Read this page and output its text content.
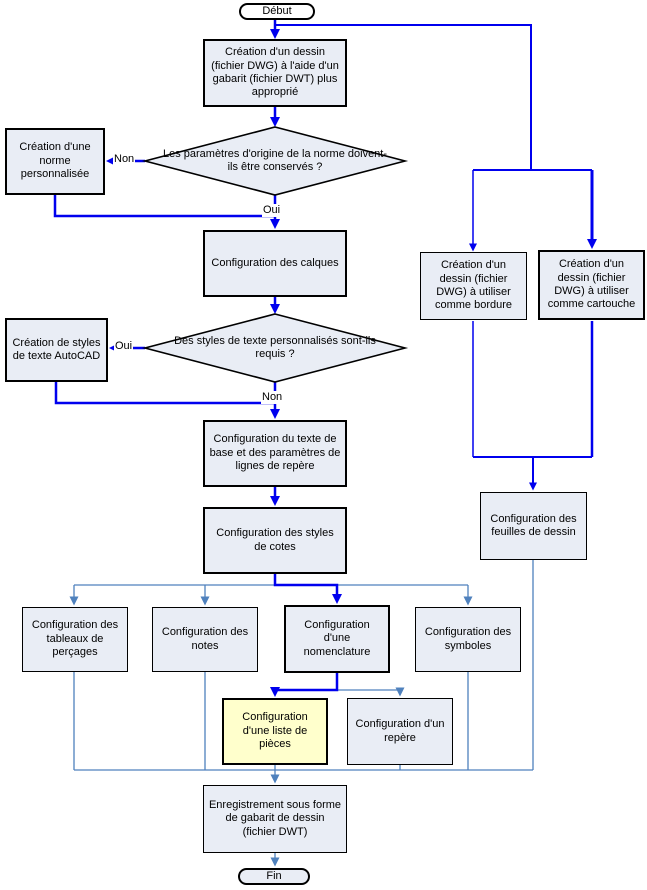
Début
Création d'un dessin (fichier DWG) à l'aide d'un gabarit (fichier DWT) plus approprié
Les paramètres d'origine de la norme doivent-ils être conservés ?
Création d'une norme personnalisée
Configuration des calques	Création d'un dessin (fichier DWG) à utiliser comme bordure
Création d'un dessin (fichier DWG) à utiliser comme cartouche
Des styles de texte personnalisés sont-ils requis ?
Création de styles de texte AutoCAD
Configuration du texte de base et des paramètres de lignes de repère
Configuration des styles de cotes
Configuration des feuilles de dessin
Configuration des tableaux de perçages
Configuration des notes
Configuration d'une nomenclature
Configuration des symboles
Configuration d'une liste de pièces
Configuration d'un repère
Enregistrement sous forme de gabarit de dessin (fichier DWT)
Fin
Non
Oui
Oui
Non
